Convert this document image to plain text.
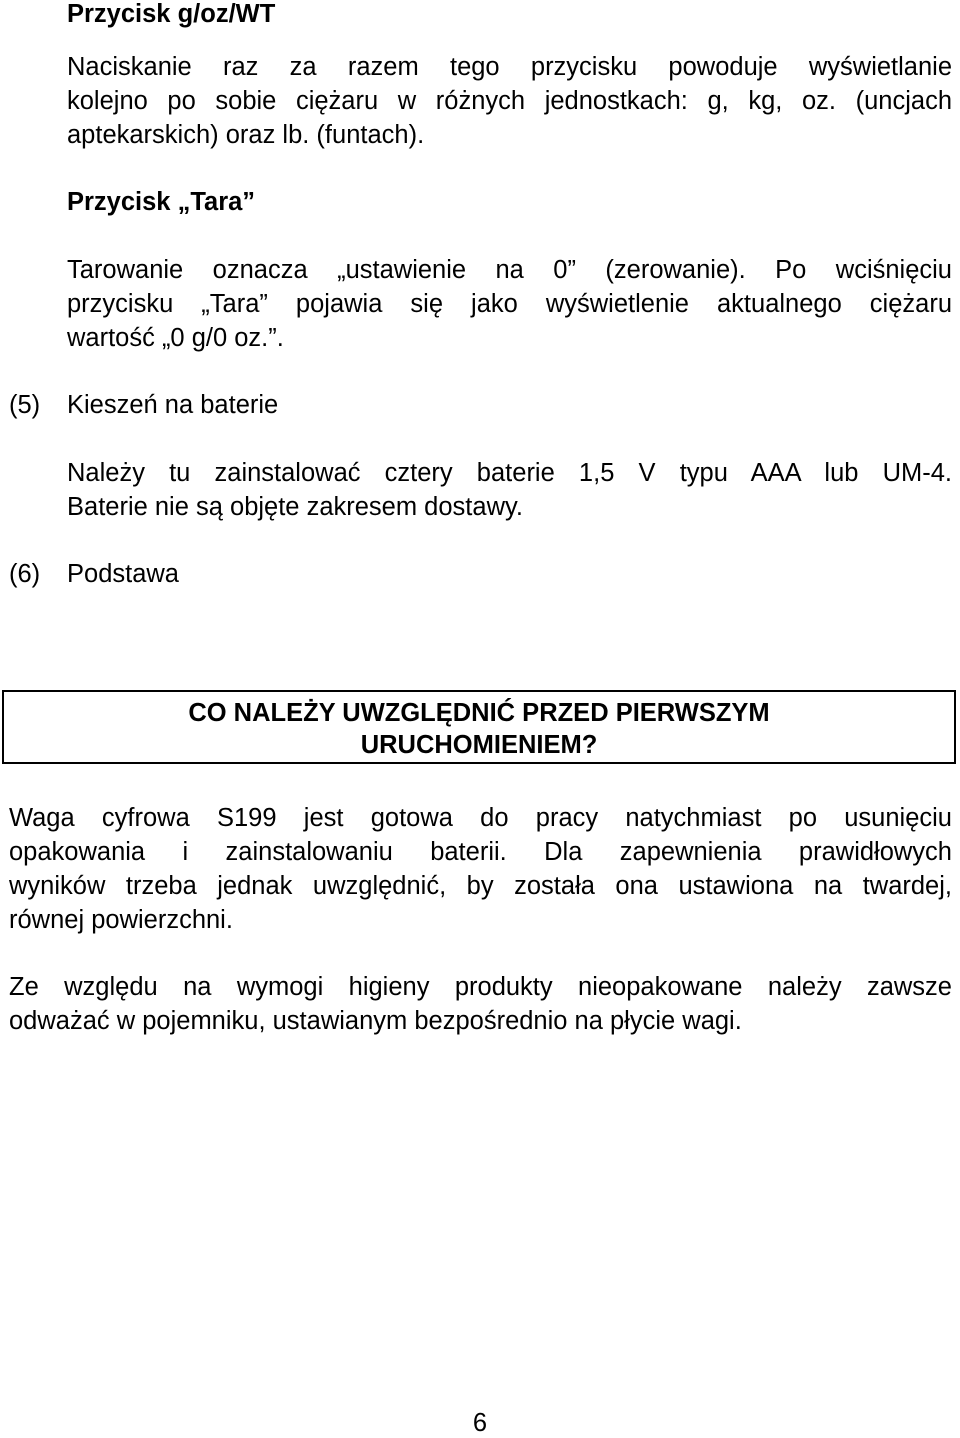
Przycisk g/oz/WT
Naciskanie raz za razem tego przycisku powoduje wyświetlanie
kolejno po sobie ciężaru w różnych jednostkach: g, kg, oz. (uncjach
aptekarskich) oraz lb. (funtach).
Przycisk „Tara”
Tarowanie oznacza „ustawienie na 0” (zerowanie). Po wciśnięciu
przycisku „Tara” pojawia się jako wyświetlenie aktualnego ciężaru
wartość „0 g/0 oz.”.
(5) Kieszeń na baterie
Należy tu zainstalować cztery baterie 1,5 V typu AAA lub UM-4.
Baterie nie są objęte zakresem dostawy.
(6) Podstawa
CO NALEŻY UWZGLĘDNIĆ PRZED PIERWSZYM
URUCHOMIENIEM?
Waga cyfrowa S199 jest gotowa do pracy natychmiast po usunięciu
opakowania i zainstalowaniu baterii. Dla zapewnienia prawidłowych
wyników trzeba jednak uwzględnić, by została ona ustawiona na twardej,
równej powierzchni.
Ze względu na wymogi higieny produkty nieopakowane należy zawsze
odważać w pojemniku, ustawianym bezpośrednio na płycie wagi.
6
